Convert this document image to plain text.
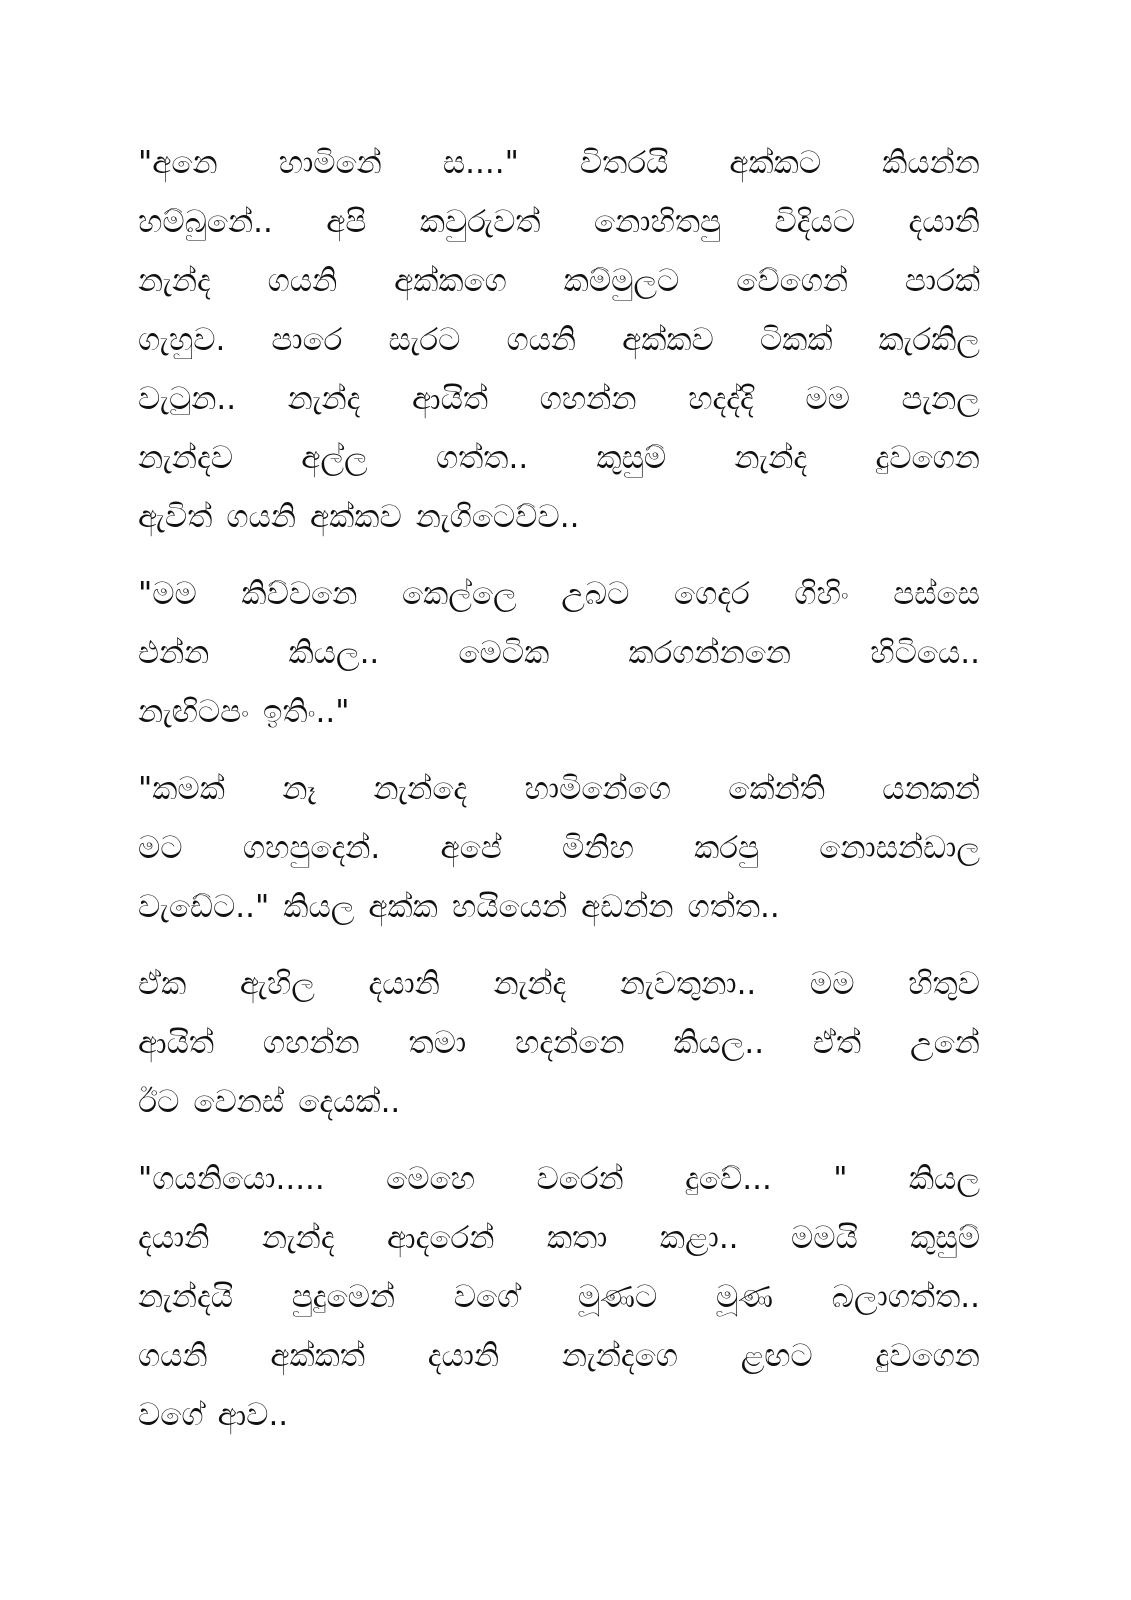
"අනෙ හාමිනේ ස...." විතරයි අක්කට කියන්න
හම්බුනේ.. අපි කවුරුවත් නොහිතපු විදියට දයානි
නැන්ද ගයනි අක්කගෙ කම්මුලට වේගෙන් පාරක්
ගැහුව. පාරෙ සැරට ගයනි අක්කව ටිකක් කැරකිල
වැටුන.. නැන්ද ආයිත් ගහන්න හදද්දි මම පැනල
නැන්දව අල්ල ගත්ත.. කුසුම් නැන්ද දුවගෙන
ඇවිත් ගයනි අක්කව නැගිටෙව්ව..
"මම කිව්වනෙ කෙල්ලෙ උබට ගෙදර ගිහිං පස්සෙ
එන්න	කියල..	මෙටික	කරගන්නනෙ	හිටියෙ..
නැඟිටපං ඉතිං.."
"කමක් නෑ නැන්දෙ හාමිනේගෙ කේන්ති යනකන්
මට ගහපුදෙන්. අපේ මිනිහ කරපු නොසන්ඩාල
වැඩේට.." කියල අක්ක හයියෙන් අඩන්න ගත්ත..
ඒක ඇහිල දයානි නැන්ද නැවතුනා.. මම හිතුව
ආයිත් ගහන්න තමා හදන්නෙ කියල.. ඒත් උනේ
ඊට වෙනස් දෙයක්..
"ගයනියො..... මෙහෙ වරෙන් දුවේ... " කියල
දයානි නැන්ද ආදරෙන් කතා කළා.. මමයි කුසුම්
නැන්දයි පුදුමෙන් වගේ මූණට මූණ බලාගත්ත..
ගයනි අක්කත් දයානි නැන්දගෙ ළඟට දුවගෙන
වගේ ආව..
